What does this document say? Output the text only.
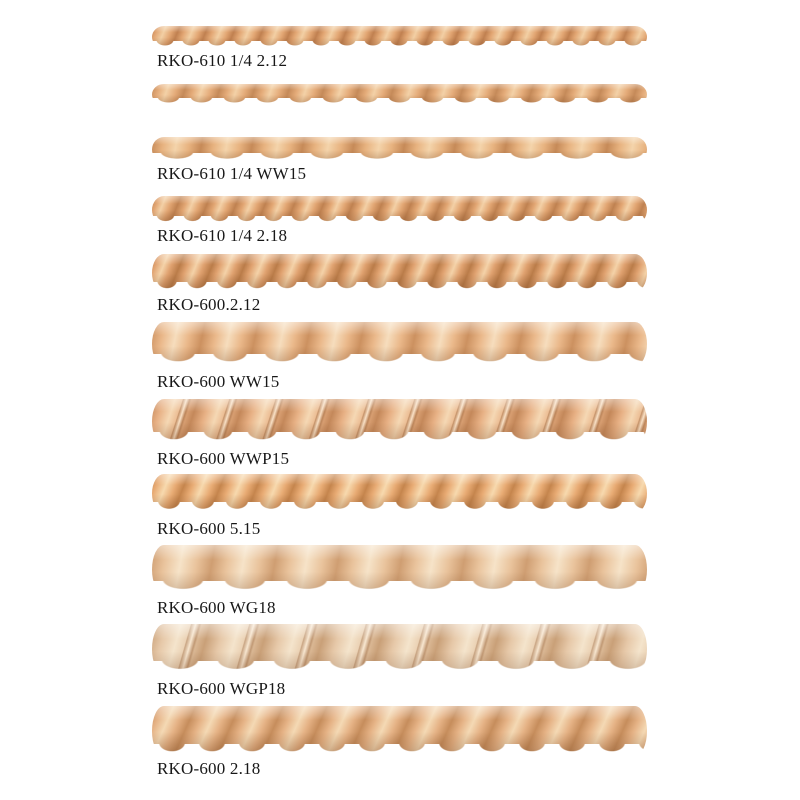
RKO-610 1/4 2.12
RKO-610 1/4 WW15
RKO-610 1/4 2.18
RKO-600.2.12
RKO-600 WW15
RKO-600 WWP15
RKO-600 5.15
RKO-600 WG18
RKO-600 WGP18
RKO-600 2.18
